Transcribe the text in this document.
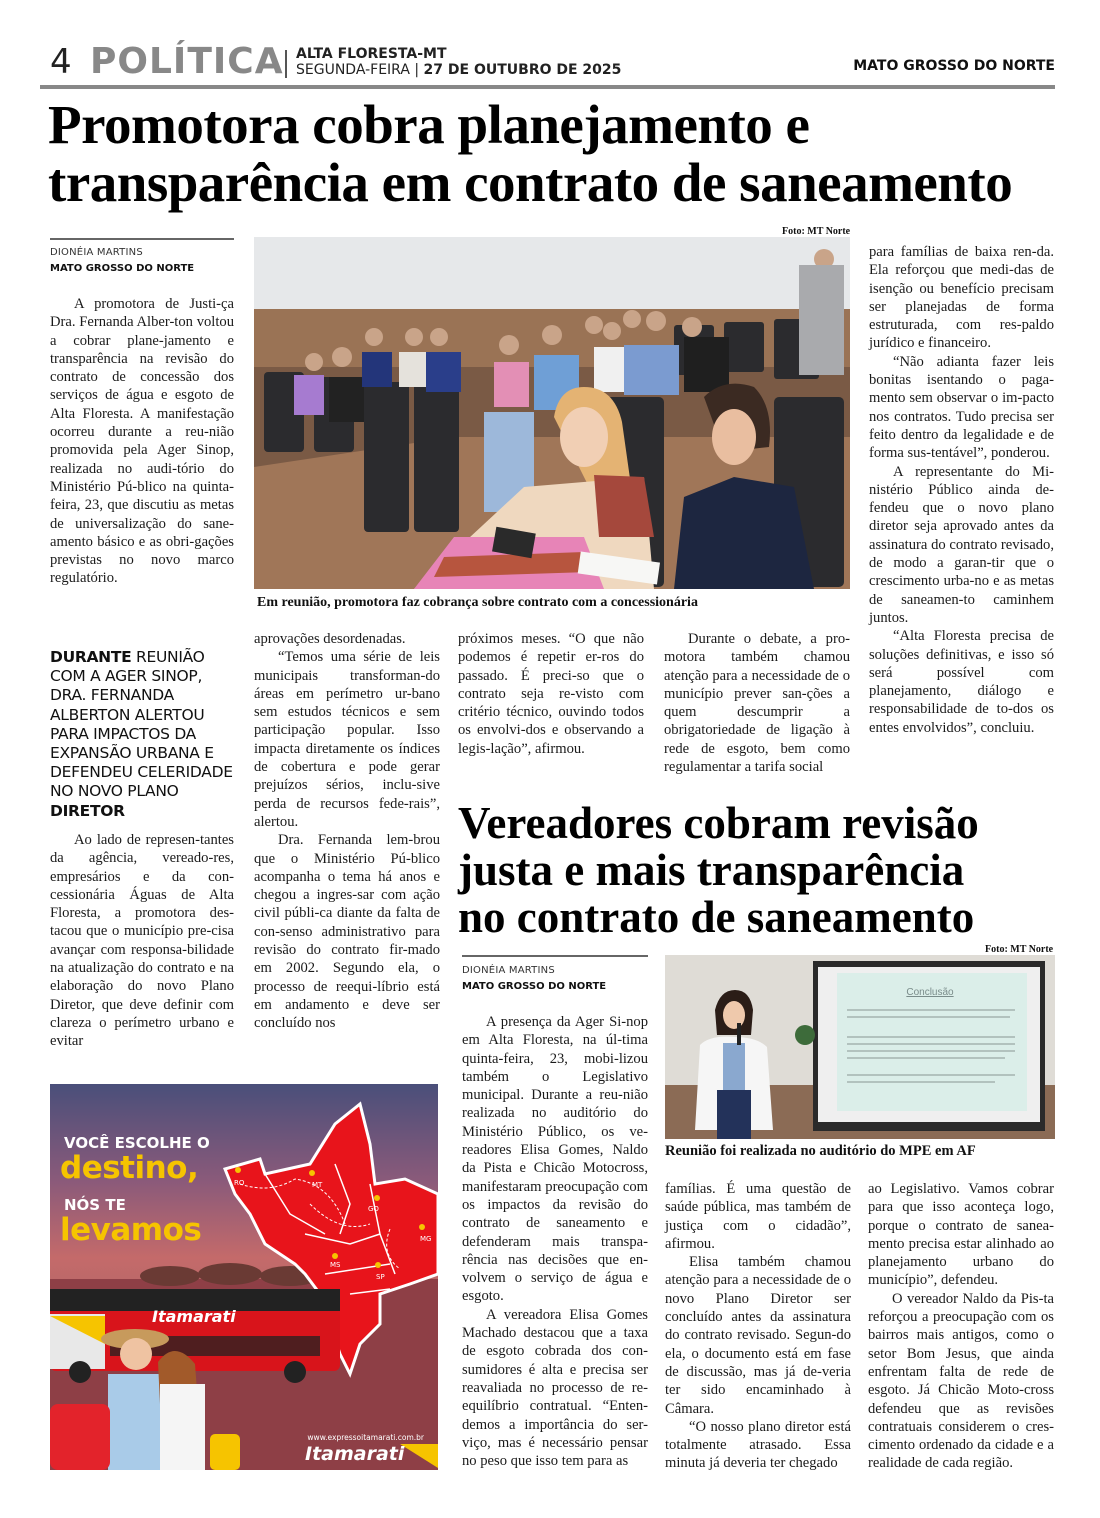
4 POLÍTICA ALTA FLORESTA-MT
SEGUNDA-FEIRA | 27 DE OUTUBRO DE 2025	MATO GROSSO DO NORTE
Promotora cobra planejamento e
transparência em contrato de saneamento
DIONÉIA MARTINS
MATO GROSSO DO NORTE
Foto: MT Norte
Em reunião, promotora faz cobrança sobre contrato com a concessionária

A promotora de Justi-ça Dra. Fernanda Alber-ton voltou a cobrar plane-jamento e transparência na revisão do contrato de concessão dos serviços de água e esgoto de Alta Floresta. A manifestação ocorreu durante a reu-nião promovida pela Ager Sinop, realizada no audi-tório do Ministério Pú-blico na quinta-feira, 23, que discutiu as metas de universalização do sane-amento básico e as obri-gações previstas no novo marco regulatório.

DURANTE REUNIÃO COM A AGER SINOP, DRA. FERNANDA ALBERTON ALERTOU PARA IMPACTOS DA EXPANSÃO URBANA E DEFENDEU CELERIDADE NO NOVO PLANO DIRETOR

Ao lado de represen-tantes da agência, vereado-res, empresários e da con-cessionária Águas de Alta Floresta, a promotora des-tacou que o município pre-cisa avançar com responsa-bilidade na atualização do contrato e na elaboração do novo Plano Diretor, que deve definir com clareza o perímetro urbano e evitar

aprovações desordenadas.

“Temos uma série de leis municipais transforman-do áreas em perímetro ur-bano sem estudos técnicos e sem participação popular. Isso impacta diretamente os índices de cobertura e pode gerar prejuízos sérios, inclu-sive perda de recursos fede-rais”, alertou.

Dra. Fernanda lem-brou que o Ministério Pú-blico acompanha o tema há anos e chegou a ingres-sar com ação civil públi-ca diante da falta de con-senso administrativo para revisão do contrato fir-mado em 2002. Segundo ela, o processo de reequi-líbrio está em andamento e deve ser concluído nos

próximos meses. “O que não podemos é repetir er-ros do passado. É preci-so que o contrato seja re-visto com critério técnico, ouvindo todos os envolvi-dos e observando a legis-lação”, afirmou.

Durante o debate, a pro-motora também chamou atenção para a necessidade de o município prever san-ções a quem descumprir a obrigatoriedade de ligação à rede de esgoto, bem como regulamentar a tarifa social

para famílias de baixa ren-da. Ela reforçou que medi-das de isenção ou benefício precisam ser planejadas de forma estruturada, com res-paldo jurídico e financeiro.

“Não adianta fazer leis bonitas isentando o paga-mento sem observar o im-pacto nos contratos. Tudo precisa ser feito dentro da legalidade e de forma sus-tentável”, ponderou.

A representante do Mi-nistério Público ainda de-fendeu que o novo plano diretor seja aprovado antes da assinatura do contrato revisado, de modo a garan-tir que o crescimento urba-no e as metas de saneamen-to caminhem juntos.

“Alta Floresta precisa de soluções definitivas, e isso só será possível com planejamento, diálogo e responsabilidade de to-dos os entes envolvidos”, concluiu.

Vereadores cobram revisão
justa e mais transparência
no contrato de saneamento
DIONÉIA MARTINS
MATO GROSSO DO NORTE
Foto: MT Norte
Conclusão
Reunião foi realizada no auditório do MPE em AF

A presença da Ager Si-nop em Alta Floresta, na úl-tima quinta-feira, 23, mobi-lizou também o Legislativo municipal. Durante a reu-nião realizada no auditório do Ministério Público, os ve-readores Elisa Gomes, Naldo da Pista e Chicão Motocross, manifestaram preocupação com os impactos da revisão do contrato de saneamento e defenderam mais transpa-rência nas decisões que en-volvem o serviço de água e esgoto.

A vereadora Elisa Gomes Machado destacou que a taxa de esgoto cobrada dos con-sumidores é alta e precisa ser reavaliada no processo de re-equilíbrio contratual. “Enten-demos a importância do ser-viço, mas é necessário pensar no peso que isso tem para as

famílias. É uma questão de saúde pública, mas também de justiça com o cidadão”, afirmou.

Elisa também chamou atenção para a necessidade de o novo Plano Diretor ser concluído antes da assinatura do contrato revisado. Segun-do ela, o documento está em fase de discussão, mas já de-veria ter sido encaminhado à Câmara.

“O nosso plano diretor está totalmente atrasado. Essa minuta já deveria ter chegado

ao Legislativo. Vamos cobrar para que isso aconteça logo, porque o contrato de sanea-mento precisa estar alinhado ao planejamento urbano do município”, defendeu.

O vereador Naldo da Pis-ta reforçou a preocupação com os bairros mais antigos, como o setor Bom Jesus, que ainda enfrentam falta de rede de esgoto. Já Chicão Moto-cross defendeu que as revisões contratuais considerem o cres-cimento ordenado da cidade e a realidade de cada região.

RO	MT
GO
MG
MS
SP
VOCÊ ESCOLHE O
destino,
NÓS TE
levamos
Itamarati
www.expressoitamarati.com.br
Itamarati
